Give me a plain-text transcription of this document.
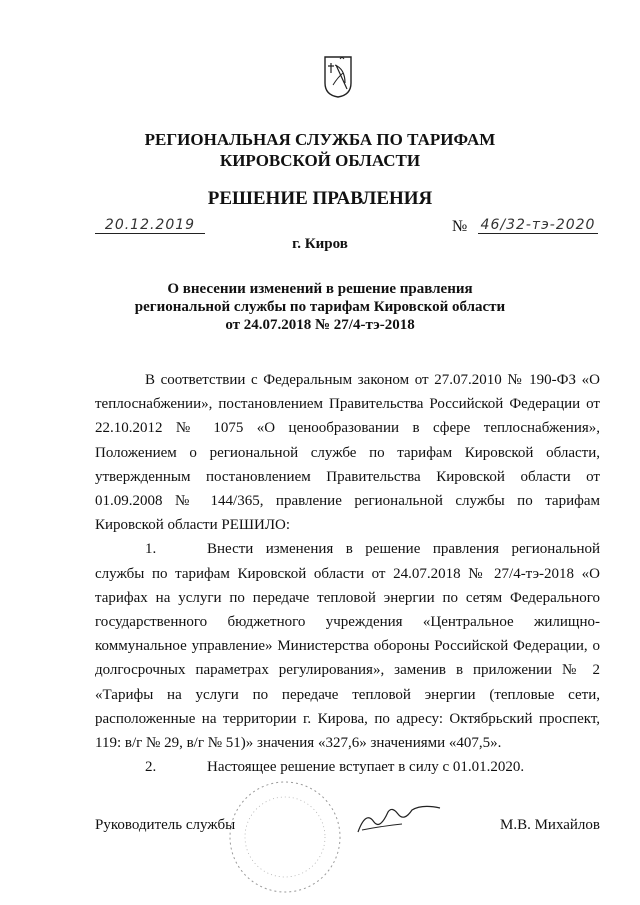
РЕГИОНАЛЬНАЯ СЛУЖБА ПО ТАРИФАМ
КИРОВСКОЙ ОБЛАСТИ
РЕШЕНИЕ ПРАВЛЕНИЯ
20.12.2019	№ 46/32-тэ-2020
г. Киров
О внесении изменений в решение правления
региональной службы по тарифам Кировской области
от 24.07.2018 № 27/4-тэ-2018

В соответствии с Федеральным законом от 27.07.2010 № 190-ФЗ «О теплоснабжении», постановлением Правительства Российской Федерации от 22.10.2012 № 1075 «О ценообразовании в сфере теплоснабжения», Положением о региональной службе по тарифам Кировской области, утвержденным постановлением Правительства Кировской области от 01.09.2008 № 144/365, правление региональной службы по тарифам Кировской области РЕШИЛО:

1.	Внести изменения в решение правления региональной службы по тарифам Кировской области от 24.07.2018 № 27/4-тэ-2018 «О тарифах на услуги по передаче тепловой энергии по сетям Федерального государственного бюджетного учреждения «Центральное жилищно-коммунальное управление» Министерства обороны Российской Федерации, о долгосрочных параметрах регулирования», заменив в приложении № 2 «Тарифы на услуги по передаче тепловой энергии (тепловые сети, расположенные на территории г. Кирова, по адресу: Октябрьский проспект, 119: в/г № 29, в/г № 51)» значения «327,6» значениями «407,5».

2.	Настоящее решение вступает в силу с 01.01.2020.

Руководитель службы	М.В. Михайлов
